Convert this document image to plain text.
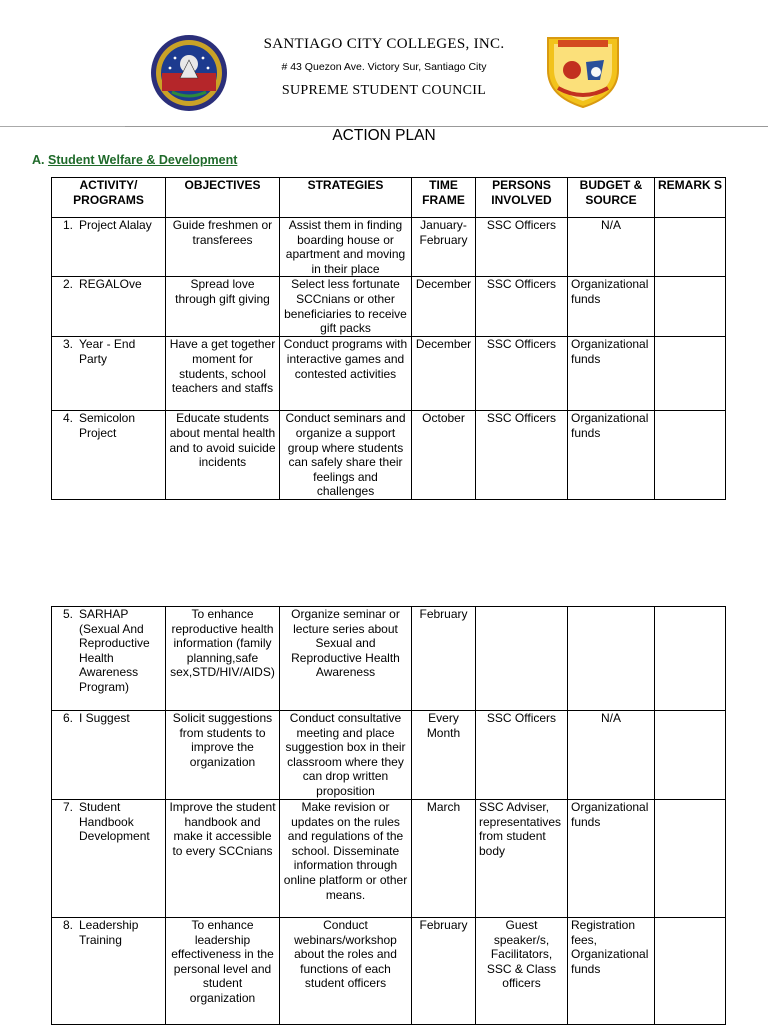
SANTIAGO CITY COLLEGES, INC.
# 43 Quezon Ave. Victory Sur, Santiago City
SUPREME STUDENT COUNCIL
ACTION PLAN
A. Student Welfare & Development
ACTIVITY/ PROGRAMS	OBJECTIVES	STRATEGIES	TIME FRAME	PERSONS INVOLVED	BUDGET & SOURCE	REMARK S

1. Project Alalay	Guide freshmen or transferees	Assist them in finding boarding house or apartment and moving in their place	January-February	SSC Officers	N/A	

2. REGALOve	Spread love through gift giving	Select less fortunate SCCnians or other beneficiaries to receive gift packs	December	SSC Officers	Organizational funds	

3. Year - End Party	Have a get together moment for students, school teachers and staffs	Conduct programs with interactive games and contested activities	December	SSC Officers	Organizational funds	

4. Semicolon Project	Educate students about mental health and to avoid suicide incidents	Conduct seminars and organize a support group where students can safely share their feelings and challenges	October	SSC Officers	Organizational funds	
5. SARHAP (Sexual And Reproductive Health Awareness Program)	To enhance reproductive health information (family planning,safe sex,STD/HIV/AIDS)	Organize seminar or lecture series about Sexual and Reproductive Health Awareness	February			

6. I Suggest	Solicit suggestions from students to improve the organization	Conduct consultative meeting and place suggestion box in their classroom where they can drop written proposition	Every Month	SSC Officers	N/A	

7. Student Handbook Development	Improve the student handbook and make it accessible to every SCCnians	Make revision or updates on the rules and regulations of the school. Disseminate information through online platform or other means.	March	SSC Adviser, representatives from student body	Organizational funds	

8. Leadership Training	To enhance leadership effectiveness in the personal level and student organization	Conduct webinars/workshop about the roles and functions of each student officers	February	Guest speaker/s, Facilitators, SSC & Class officers	Registration fees, Organizational funds	
